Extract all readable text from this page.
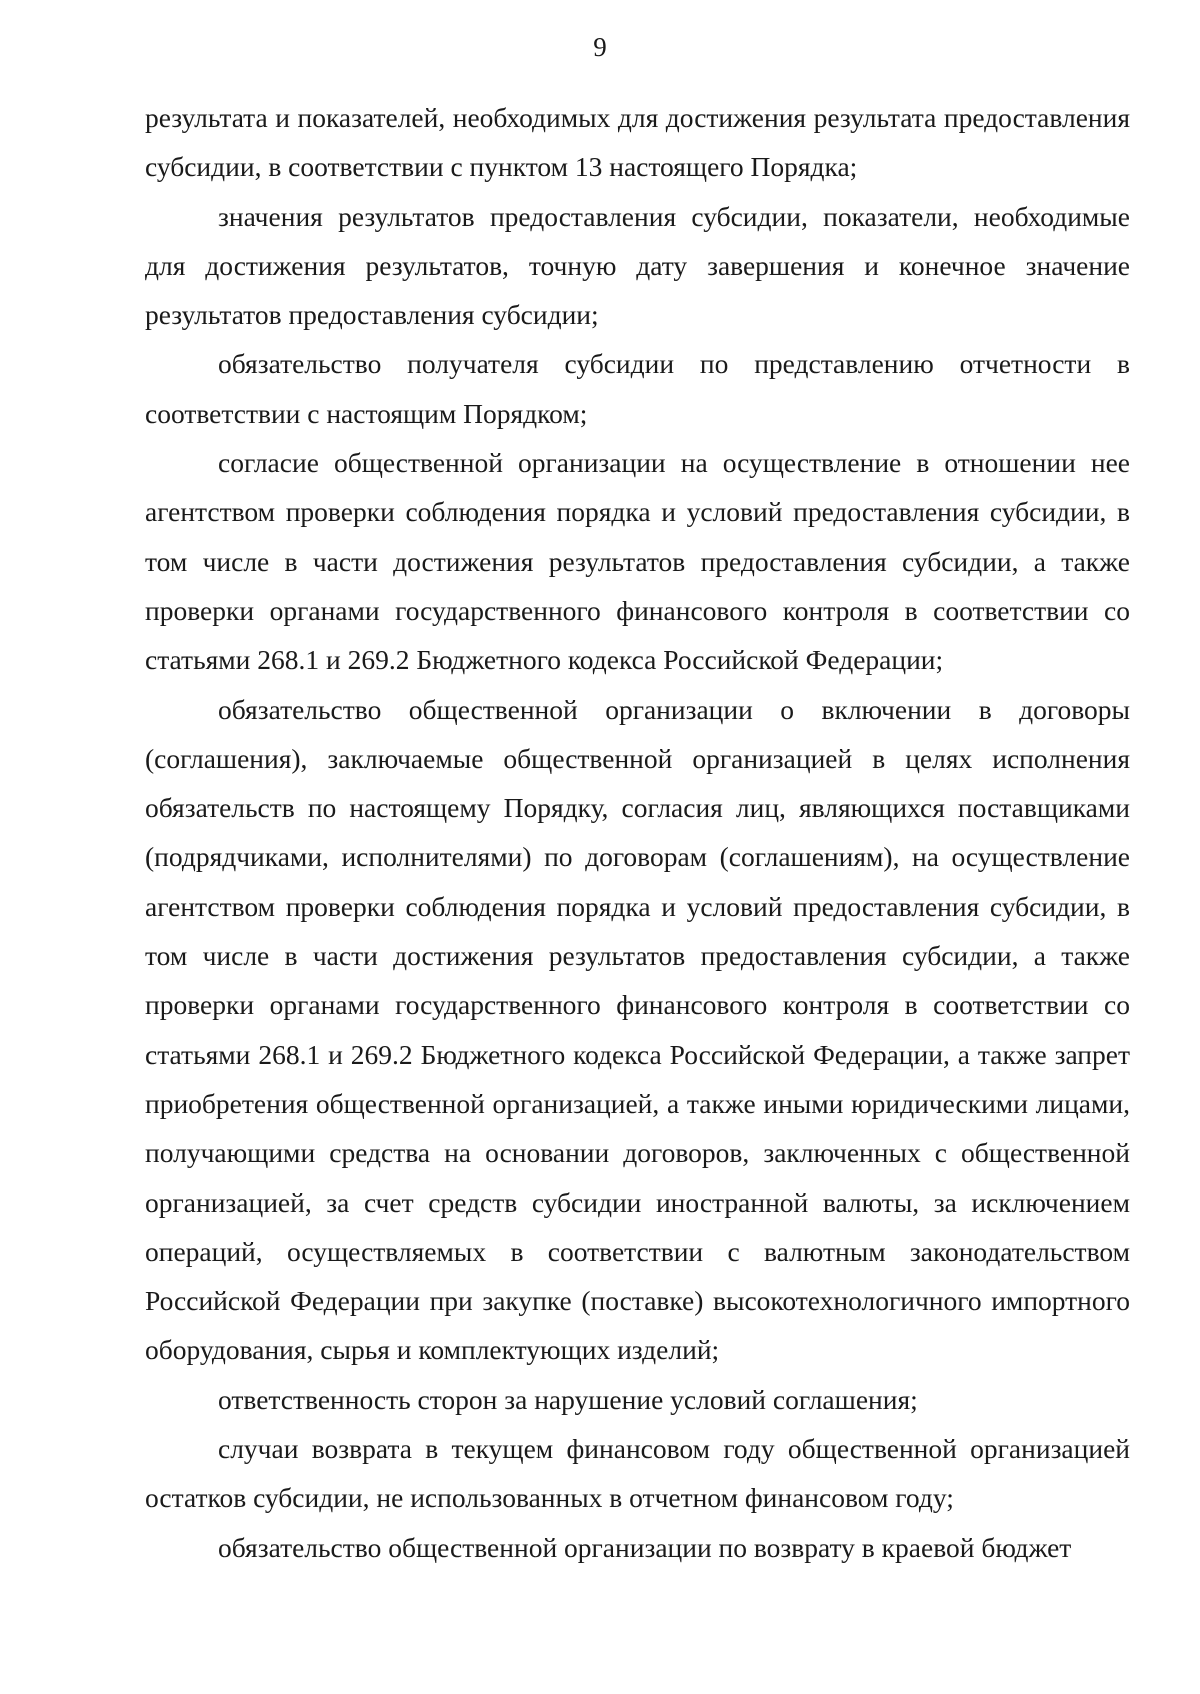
9

результата и показателей, необходимых для достижения результата предоставления субсидии, в соответствии с пунктом 13 настоящего Порядка;

значения результатов предоставления субсидии, показатели, необходимые для достижения результатов, точную дату завершения и конечное значение результатов предоставления субсидии;

обязательство получателя субсидии по представлению отчетности в соответствии с настоящим Порядком;

согласие общественной организации на осуществление в отношении нее агентством проверки соблюдения порядка и условий предоставления субсидии, в том числе в части достижения результатов предоставления субсидии, а также проверки органами государственного финансового контроля в соответствии со статьями 268.1 и 269.2 Бюджетного кодекса Российской Федерации;

обязательство общественной организации о включении в договоры (соглашения), заключаемые общественной организацией в целях исполнения обязательств по настоящему Порядку, согласия лиц, являющихся поставщиками (подрядчиками, исполнителями) по договорам (соглашениям), на осуществление агентством проверки соблюдения порядка и условий предоставления субсидии, в том числе в части достижения результатов предоставления субсидии, а также проверки органами государственного финансового контроля в соответствии со статьями 268.1 и 269.2 Бюджетного кодекса Российской Федерации, а также запрет приобретения общественной организацией, а также иными юридическими лицами, получающими средства на основании договоров, заключенных с общественной организацией, за счет средств субсидии иностранной валюты, за исключением операций, осуществляемых в соответствии с валютным законодательством Российской Федерации при закупке (поставке) высокотехнологичного импортного оборудования, сырья и комплектующих изделий;

ответственность сторон за нарушение условий соглашения;

случаи возврата в текущем финансовом году общественной организацией остатков субсидии, не использованных в отчетном финансовом году;

обязательство общественной организации по возврату в краевой бюджет
